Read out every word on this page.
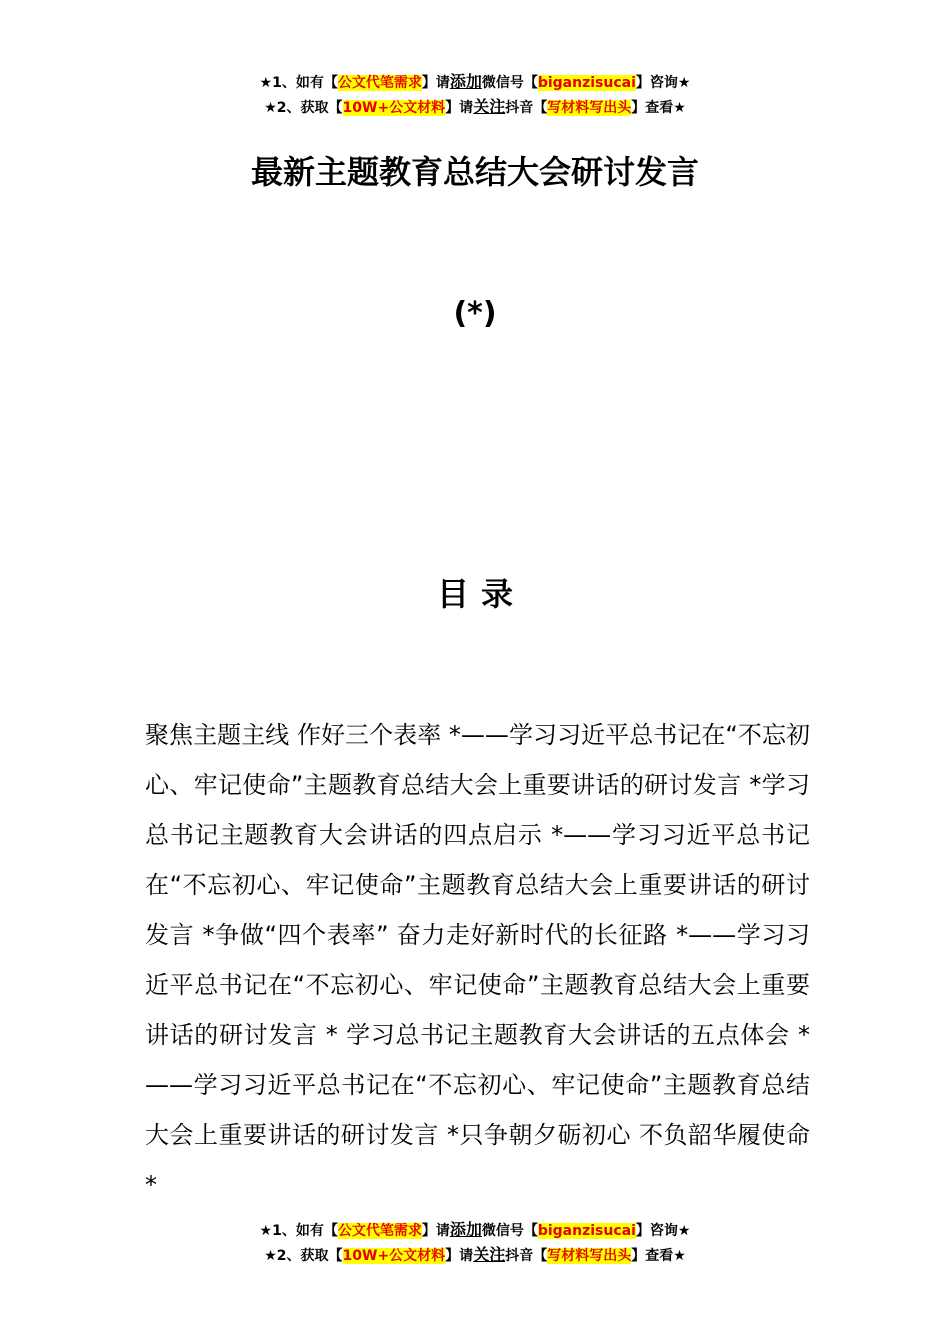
★1、如有【公文代笔需求】请添加微信号【biganzisucai】咨询★
★2、获取【10W+公文材料】请关注抖音【写材料写出头】查看★
最新主题教育总结大会研讨发言
(*)
目录
聚焦主题主线 作好三个表率 *——学习习近平总书记在“不忘初心、牢记使命”主题教育总结大会上重要讲话的研讨发言 *学习总书记主题教育大会讲话的四点启示 *——学习习近平总书记在“不忘初心、牢记使命”主题教育总结大会上重要讲话的研讨发言 *争做“四个表率” 奋力走好新时代的长征路 *——学习习近平总书记在“不忘初心、牢记使命”主题教育总结大会上重要讲话的研讨发言 * 学习总书记主题教育大会讲话的五点体会 *——学习习近平总书记在“不忘初心、牢记使命”主题教育总结大会上重要讲话的研讨发言 *只争朝夕砺初心 不负韶华履使命 *
★1、如有【公文代笔需求】请添加微信号【biganzisucai】咨询★
★2、获取【10W+公文材料】请关注抖音【写材料写出头】查看★
